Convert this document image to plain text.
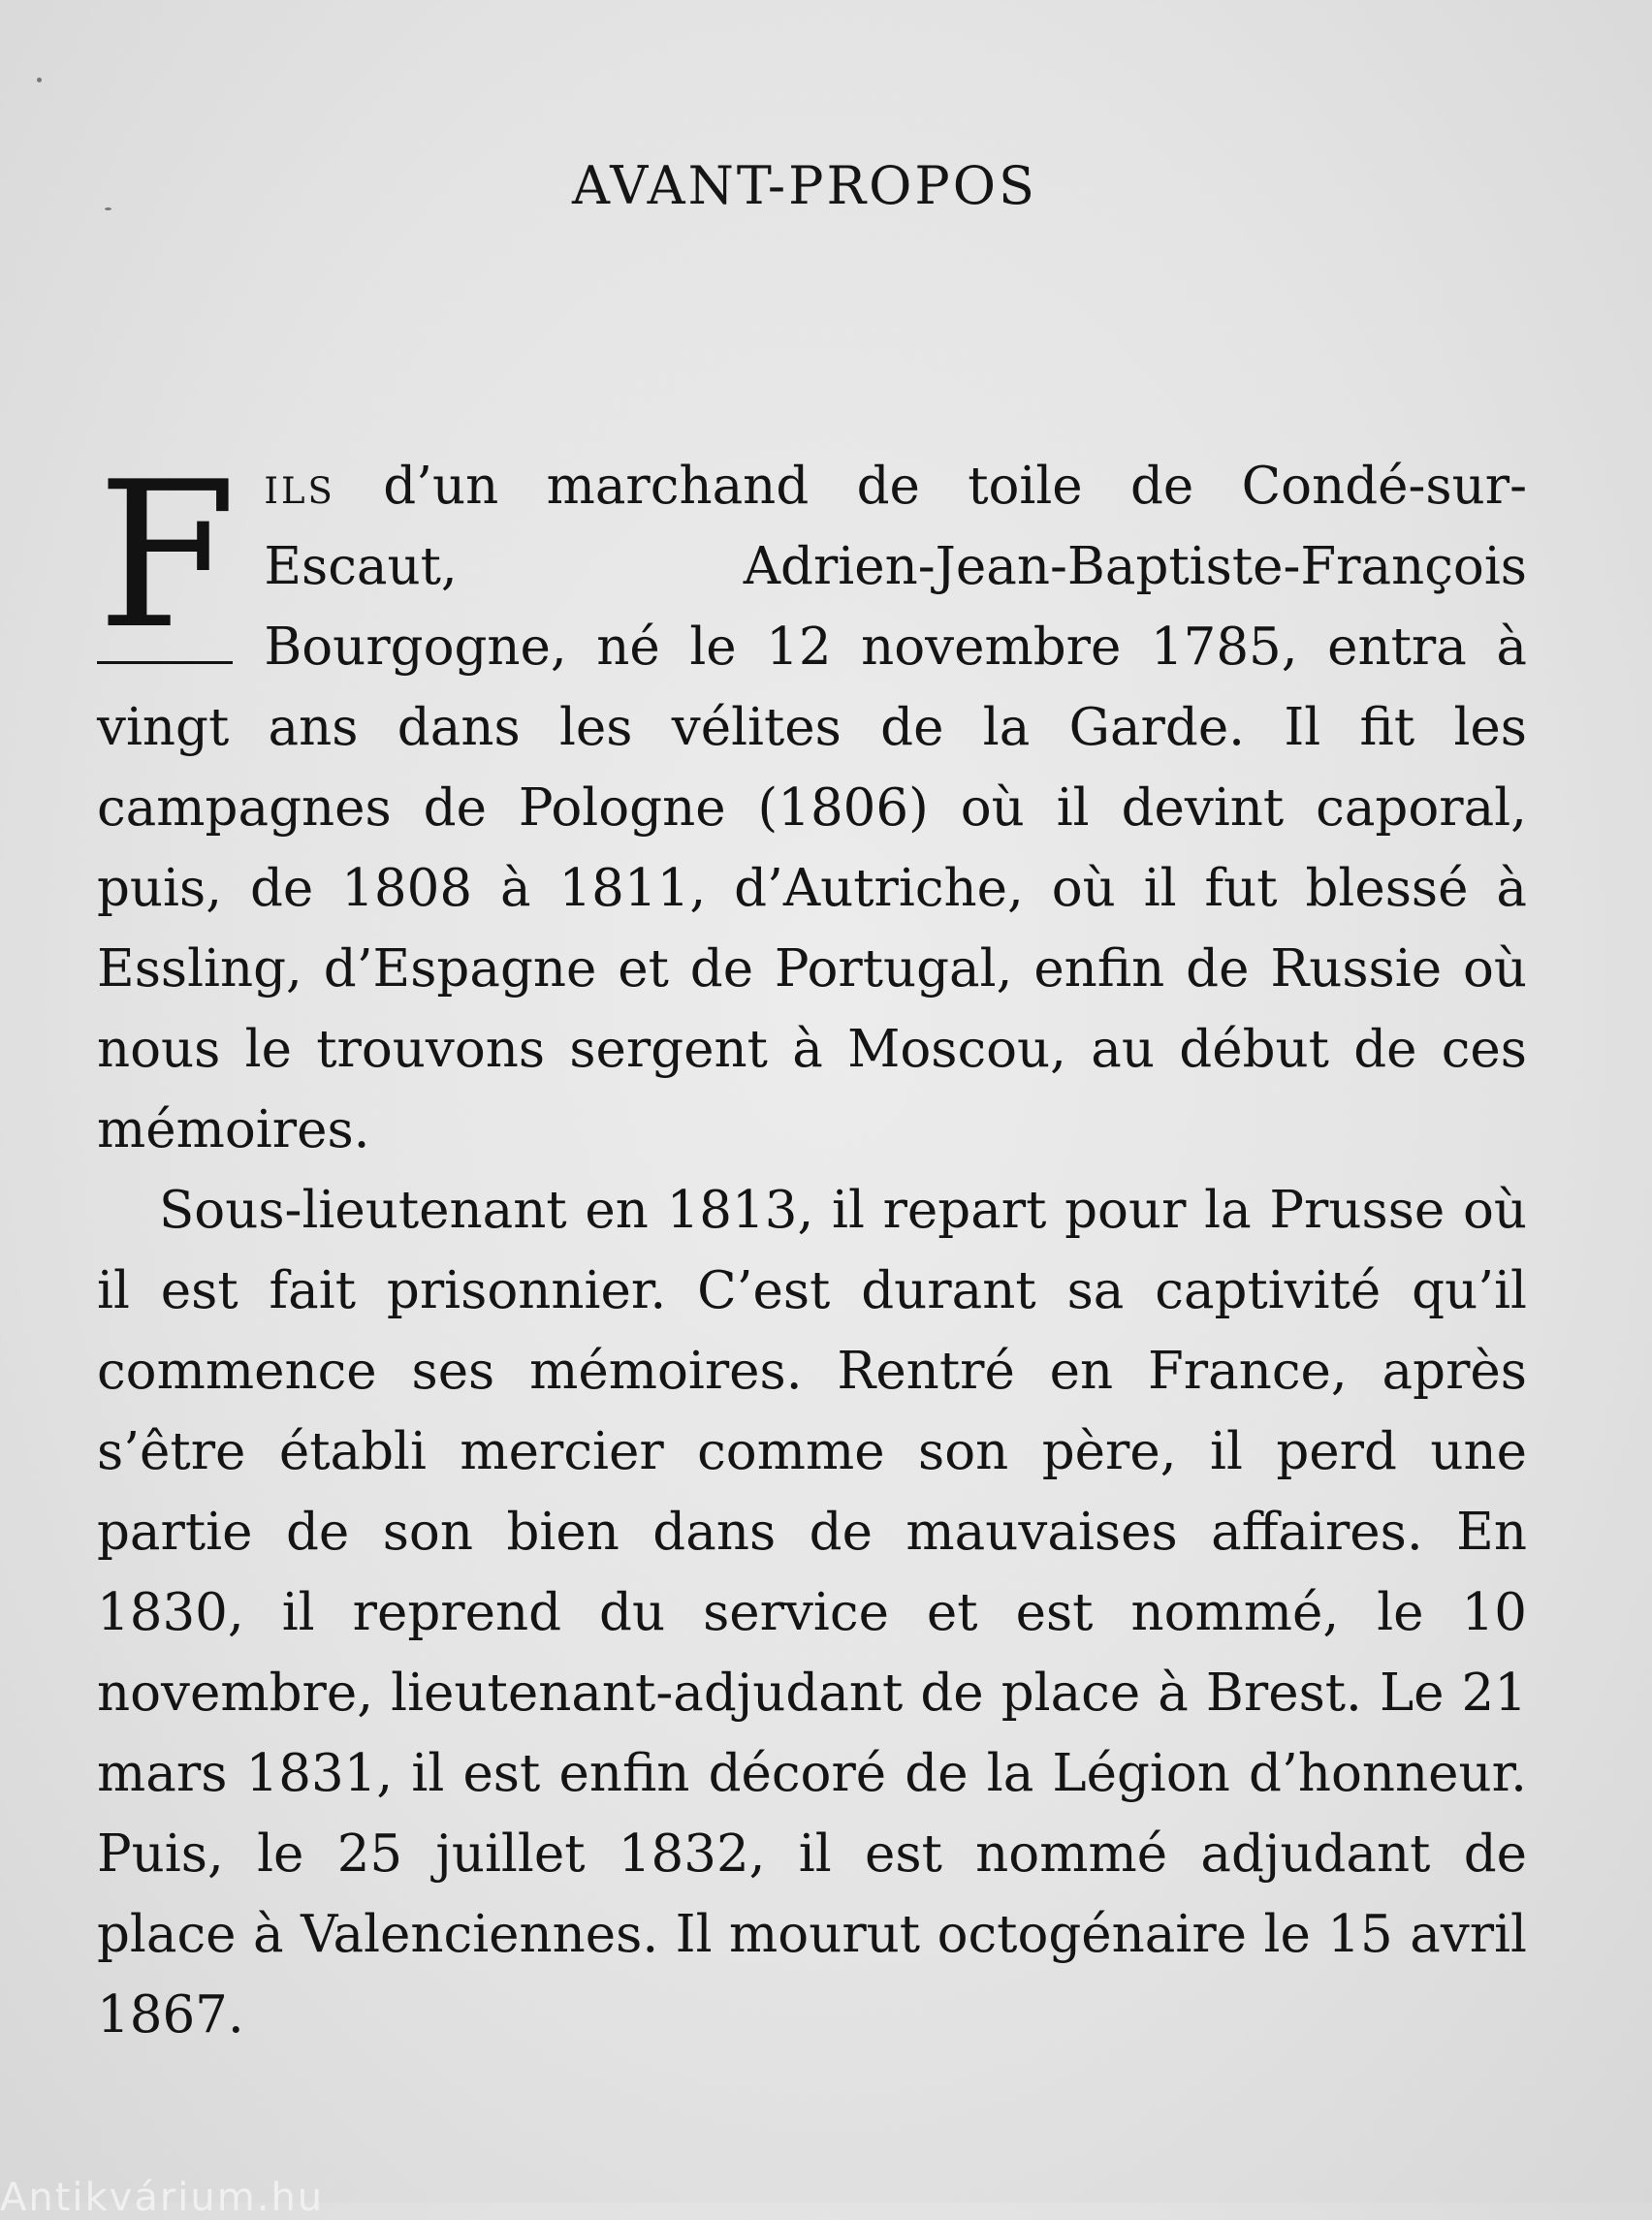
AVANT-PROPOS

F ils d’un marchand de toile de Condé-sur-Escaut, Adrien-Jean-Baptiste-François Bourgogne, né le 12 novembre 1785, entra à vingt ans dans les vélites de la Garde. Il fit les campagnes de Pologne (1806) où il devint caporal, puis, de 1808 à 1811, d’Autriche, où il fut blessé à Essling, d’Espagne et de Portugal, enfin de Russie où nous le trouvons sergent à Moscou, au début de ces mémoires.

Sous-lieutenant en 1813, il repart pour la Prusse où il est fait prisonnier. C’est durant sa captivité qu’il commence ses mémoires. Rentré en France, après s’être établi mercier comme son père, il perd une partie de son bien dans de mauvaises affaires. En 1830, il reprend du service et est nommé, le 10 novembre, lieutenant-adjudant de place à Brest. Le 21 mars 1831, il est enfin décoré de la Légion d’honneur. Puis, le 25 juillet 1832, il est nommé adjudant de place à Valenciennes. Il mourut octogénaire le 15 avril 1867.

Antikvárium.hu
